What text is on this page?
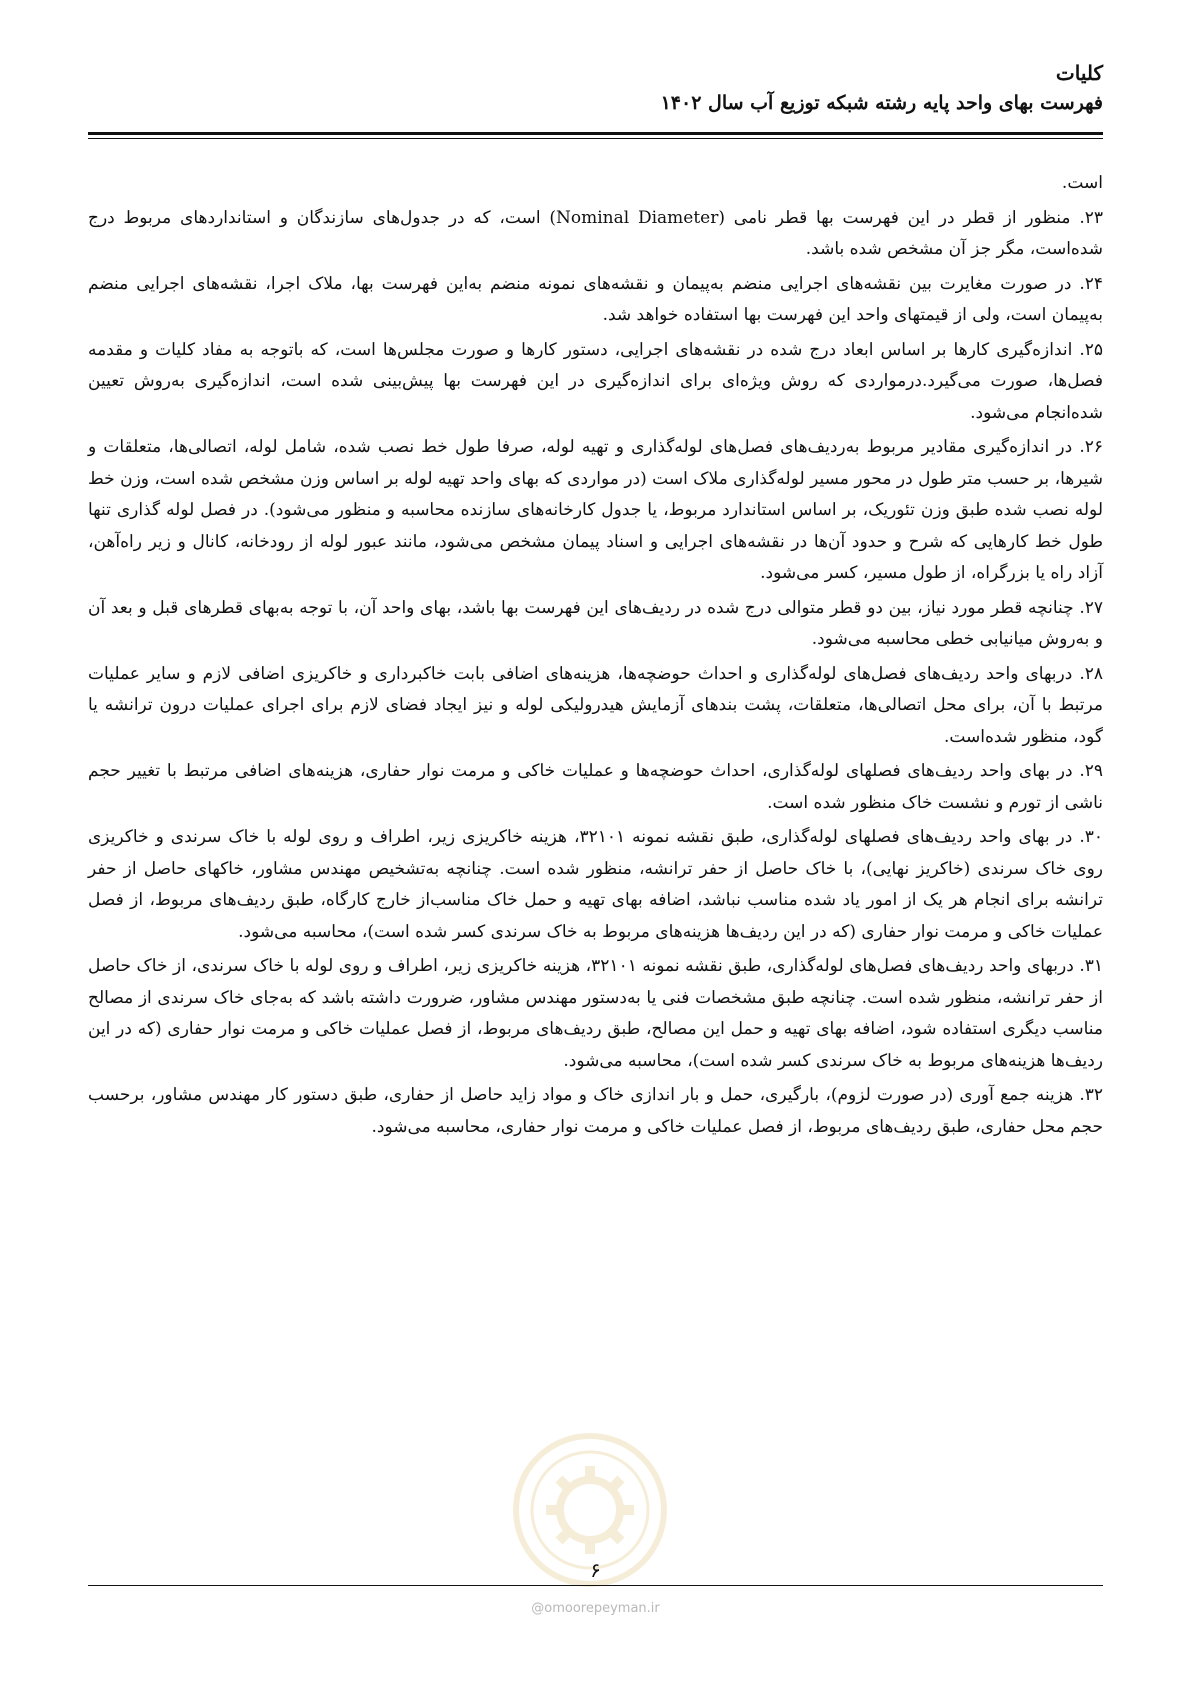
کلیات
فهرست بهای واحد پایه رشته شبکه توزیع آب سال ۱۴۰۲

است.

۲۳. منظور از قطر در این فهرست بها قطر نامی (Nominal Diameter) است، که در جدول‌های سازندگان و استانداردهای مربوط درج شده‌است، مگر جز آن مشخص شده باشد.

۲۴. در صورت مغایرت بین نقشه‌های اجرایی منضم به‌پیمان و نقشه‌های نمونه منضم به‌این فهرست بها، ملاک اجرا، نقشه‌های اجرایی منضم به‌پیمان است، ولی از قیمتهای واحد این فهرست بها استفاده خواهد شد.

۲۵. اندازه‌گیری کارها بر اساس ابعاد درج شده در نقشه‌های اجرایی، دستور کارها و صورت مجلس‌ها است، که باتوجه به مفاد کلیات و مقدمه فصل‌ها، صورت می‌گیرد.درمواردی که روش ویژه‌ای برای اندازه‌گیری در این فهرست بها پیش‌بینی شده است، اندازه‌گیری به‌روش تعیین شده‌انجام می‌شود.

۲۶. در اندازه‌گیری مقادیر مربوط به‌ردیف‌های فصل‌های لوله‌گذاری و تهیه لوله، صرفا طول خط نصب شده، شامل لوله، اتصالی‌ها، متعلقات و شیرها، بر حسب متر طول در محور مسیر لوله‌گذاری ملاک است (در مواردی که بهای واحد تهیه لوله بر اساس وزن مشخص شده است، وزن خط لوله نصب شده طبق وزن تئوریک، بر اساس استاندارد مربوط، یا جدول کارخانه‌های سازنده محاسبه و منظور می‌شود). در فصل لوله گذاری تنها طول خط کارهایی که شرح و حدود آن‌ها در نقشه‌های اجرایی و اسناد پیمان مشخص می‌شود، مانند عبور لوله از رودخانه، کانال و زیر راه‌آهن، آزاد راه یا بزرگراه، از طول مسیر، کسر می‌شود.

۲۷. چنانچه قطر مورد نیاز، بین دو قطر متوالی درج شده در ردیف‌های این فهرست بها باشد، بهای واحد آن، با توجه به‌بهای قطرهای قبل و بعد آن و به‌روش میانیابی خطی محاسبه می‌شود.

۲۸. دربهای واحد ردیف‌های فصل‌های لوله‌گذاری و احداث حوضچه‌ها، هزینه‌های اضافی بابت خاکبرداری و خاکریزی اضافی لازم و سایر عملیات مرتبط با آن، برای محل اتصالی‌ها، متعلقات، پشت بندهای آزمایش هیدرولیکی لوله و نیز ایجاد فضای لازم برای اجرای عملیات درون ترانشه یا گود، منظور شده‌است.

۲۹. در بهای واحد ردیف‌های فصلهای لوله‌گذاری، احداث حوضچه‌ها و عملیات خاکی و مرمت نوار حفاری، هزینه‌های اضافی مرتبط با تغییر حجم ناشی از تورم و نشست خاک منظور شده است.

۳۰. در بهای واحد ردیف‌های فصلهای لوله‌گذاری، طبق نقشه نمونه ۳۲۱۰۱، هزینه خاکریزی زیر، اطراف و روی لوله با خاک سرندی و خاکریزی روی خاک سرندی (خاکریز نهایی)، با خاک حاصل از حفر ترانشه، منظور شده است. چنانچه به‌تشخیص مهندس مشاور، خاکهای حاصل از حفر ترانشه برای انجام هر یک از امور یاد شده مناسب نباشد، اضافه بهای تهیه و حمل خاک مناسب‌از خارج کارگاه، طبق ردیف‌های مربوط، از فصل عملیات خاکی و مرمت نوار حفاری (که در این ردیف‌ها هزینه‌های مربوط به خاک سرندی کسر شده است)، محاسبه می‌شود.

۳۱. دربهای واحد ردیف‌های فصل‌های لوله‌گذاری، طبق نقشه نمونه ۳۲۱۰۱، هزینه خاکریزی زیر، اطراف و روی لوله با خاک سرندی، از خاک حاصل از حفر ترانشه، منظور شده است. چنانچه طبق مشخصات فنی یا به‌دستور مهندس مشاور، ضرورت داشته باشد که به‌جای خاک سرندی از مصالح مناسب دیگری استفاده شود، اضافه بهای تهیه و حمل این مصالح، طبق ردیف‌های مربوط، از فصل عملیات خاکی و مرمت نوار حفاری (که در این ردیف‌ها هزینه‌های مربوط به خاک سرندی کسر شده است)، محاسبه می‌شود.

۳۲. هزینه جمع آوری (در صورت لزوم)، بارگیری، حمل و بار اندازی خاک و مواد زاید حاصل از حفاری، طبق دستور کار مهندس مشاور، برحسب حجم محل حفاری، طبق ردیف‌های مربوط، از فصل عملیات خاکی و مرمت نوار حفاری، محاسبه می‌شود.

۶
@omoorepeyman.ir
